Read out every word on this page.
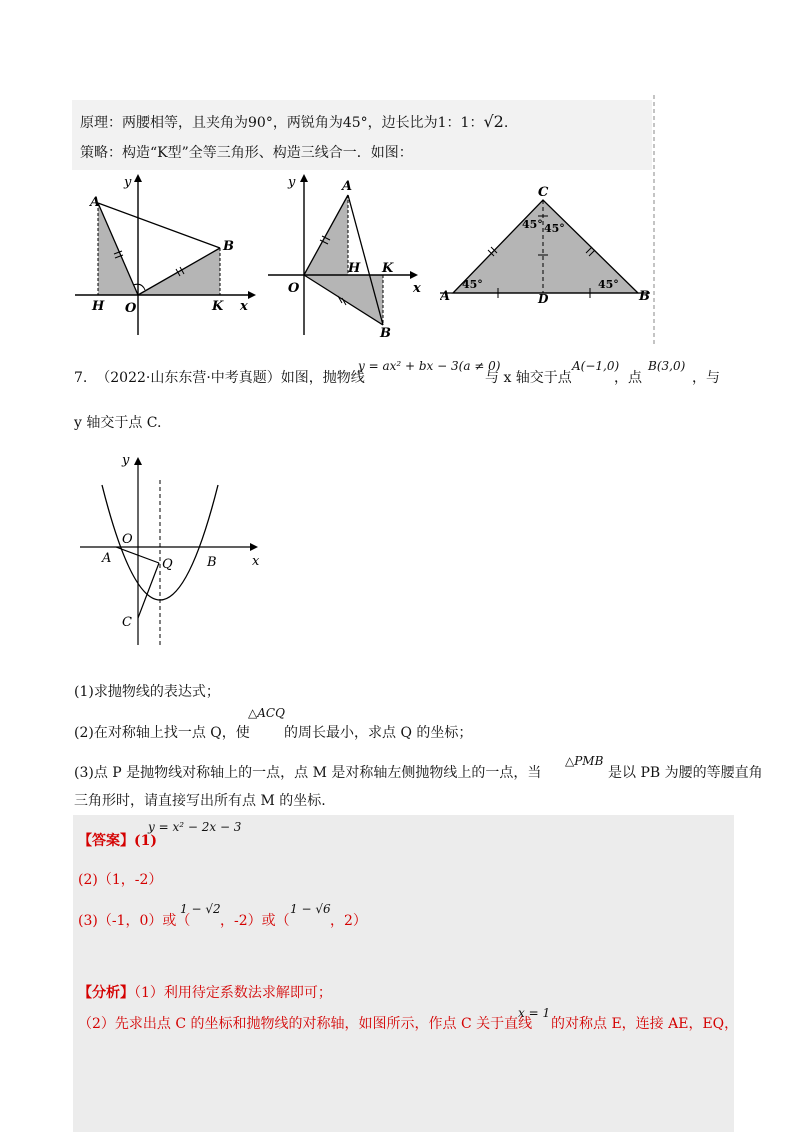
原理：两腰相等，且夹角为90°，两锐角为45°，边长比为1：1：√2.
策略：构造“K型”全等三角形、构造三线合一．如图：
y
x
A
B
H O	K
y
x
A
B
H
O
K
C
A	B
D
45° 45°
45°	45°
7. （2022·山东东营·中考真题）如图，抛物线
y = ax² + bx − 3(a ≠ 0)
与 x 轴交于点
A(−1,0)
，点
B(3,0)
，与
y 轴交于点 C.
y
x
O
A	B
Q
C
(1)求抛物线的表达式；
(2)在对称轴上找一点 Q，使
△ACQ
的周长最小，求点 Q 的坐标；
(3)点 P 是抛物线对称轴上的一点，点 M 是对称轴左侧抛物线上的一点，当
△PMB
是以 PB 为腰的等腰直角
三角形时，请直接写出所有点 M 的坐标.
【答案】(1)
y = x² − 2x − 3
(2)（1，-2）
(3)（-1，0）或（
1 − √2
，-2）或（
1 − √6
，2）
【分析】（1）利用待定系数法求解即可；
（2）先求出点 C 的坐标和抛物线的对称轴，如图所示，作点 C 关于直线
x = 1
的对称点 E，连接 AE，EQ，
